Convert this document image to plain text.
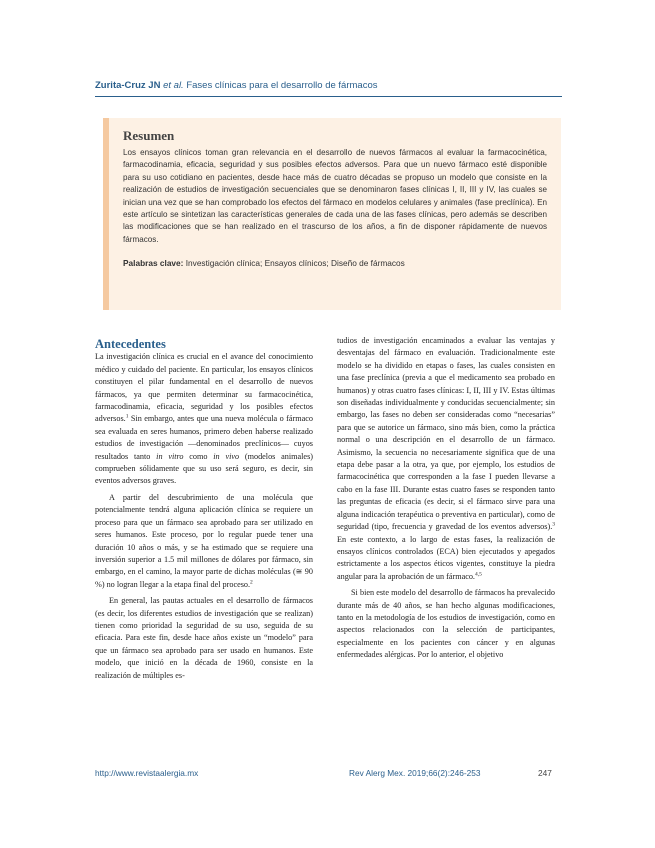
Zurita-Cruz JN et al. Fases clínicas para el desarrollo de fármacos
Resumen

Los ensayos clínicos toman gran relevancia en el desarrollo de nuevos fármacos al evaluar la farmacocinética, farmacodinamia, eficacia, seguridad y sus posibles efectos adversos. Para que un nuevo fármaco esté disponible para su uso cotidiano en pacientes, desde hace más de cuatro décadas se propuso un modelo que consiste en la realización de estudios de investigación secuenciales que se denominaron fases clínicas I, II, III y IV, las cuales se inician una vez que se han comprobado los efectos del fármaco en modelos celulares y animales (fase preclínica). En este artículo se sintetizan las características generales de cada una de las fases clínicas, pero además se describen las modificaciones que se han realizado en el trascurso de los años, a fin de disponer rápidamente de nuevos fármacos.

Palabras clave: Investigación clínica; Ensayos clínicos; Diseño de fármacos
Antecedentes

La investigación clínica es crucial en el avance del conocimiento médico y cuidado del paciente. En particular, los ensayos clínicos constituyen el pilar fundamental en el desarrollo de nuevos fármacos, ya que permiten determinar su farmacocinética, farmacodinamia, eficacia, seguridad y los posibles efectos adversos.$^1$ Sin embargo, antes que una nueva molécula o fármaco sea evaluada en seres humanos, primero deben haberse realizado estudios de investigación —denominados preclínicos— cuyos resultados tanto in vitro como in vivo (modelos animales) comprueben sólidamente que su uso será seguro, es decir, sin eventos adversos graves.

A partir del descubrimiento de una molécula que potencialmente tendrá alguna aplicación clínica se requiere un proceso para que un fármaco sea aprobado para ser utilizado en seres humanos. Este proceso, por lo regular puede tener una duración 10 años o más, y se ha estimado que se requiere una inversión superior a 1.5 mil millones de dólares por fármaco, sin embargo, en el camino, la mayor parte de dichas moléculas (≅ 90 %) no logran llegar a la etapa final del proceso.$^2$

En general, las pautas actuales en el desarrollo de fármacos (es decir, los diferentes estudios de investigación que se realizan) tienen como prioridad la seguridad de su uso, seguida de su eficacia. Para este fin, desde hace años existe un “modelo” para que un fármaco sea aprobado para ser usado en humanos. Este modelo, que inició en la década de 1960, consiste en la realización de múltiples es-

tudios de investigación encaminados a evaluar las ventajas y desventajas del fármaco en evaluación. Tradicionalmente este modelo se ha dividido en etapas o fases, las cuales consisten en una fase preclínica (previa a que el medicamento sea probado en humanos) y otras cuatro fases clínicas: I, II, III y IV. Estas últimas son diseñadas individualmente y conducidas secuencialmente; sin embargo, las fases no deben ser consideradas como “necesarias” para que se autorice un fármaco, sino más bien, como la práctica normal o una descripción en el desarrollo de un fármaco. Asimismo, la secuencia no necesariamente significa que de una etapa debe pasar a la otra, ya que, por ejemplo, los estudios de farmacocinética que corresponden a la fase I pueden llevarse a cabo en la fase III. Durante estas cuatro fases se responden tanto las preguntas de eficacia (es decir, si el fármaco sirve para una alguna indicación terapéutica o preventiva en particular), como de seguridad (tipo, frecuencia y gravedad de los eventos adversos).$^3$ En este contexto, a lo largo de estas fases, la realización de ensayos clínicos controlados (ECA) bien ejecutados y apegados estrictamente a los aspectos éticos vigentes, constituye la piedra angular para la aprobación de un fármaco.$^{4,5}$

Si bien este modelo del desarrollo de fármacos ha prevalecido durante más de 40 años, se han hecho algunas modificaciones, tanto en la metodología de los estudios de investigación, como en aspectos relacionados con la selección de participantes, especialmente en los pacientes con cáncer y en algunas enfermedades alérgicas. Por lo anterior, el objetivo

http://www.revistaalergia.mx	Rev Alerg Mex. 2019;66(2):246-253	247
